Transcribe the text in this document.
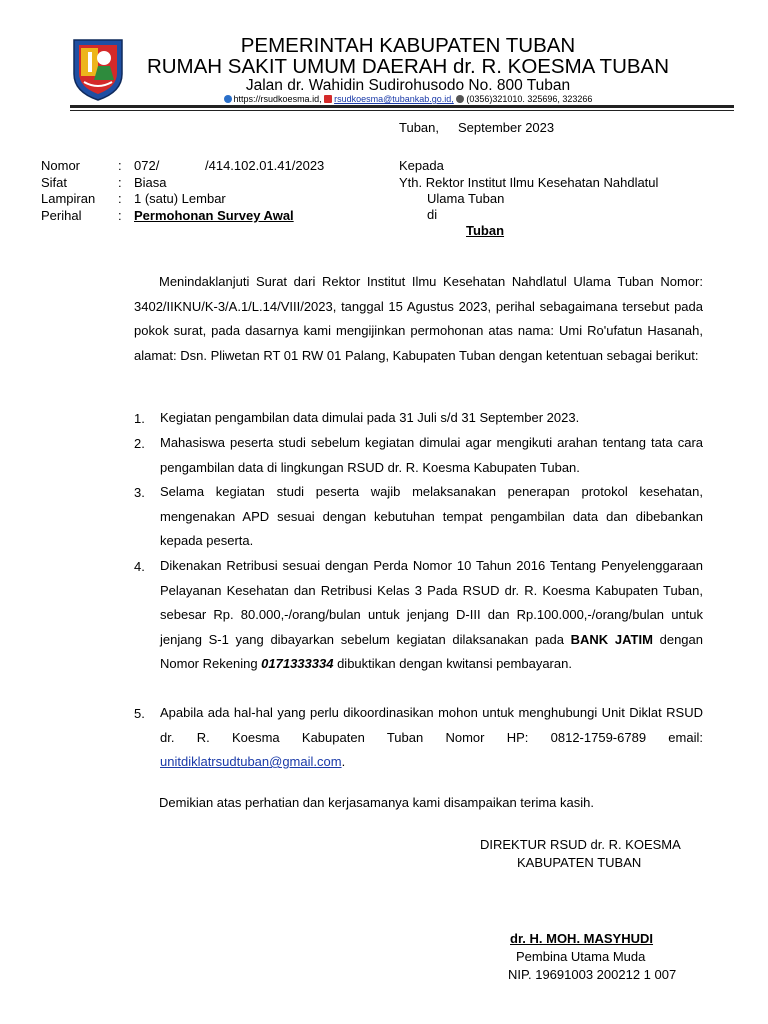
PEMERINTAH KABUPATEN TUBAN
RUMAH SAKIT UMUM DAERAH dr. R. KOESMA TUBAN
Jalan dr. Wahidin Sudirohusodo No. 800 Tuban
https://rsudkoesma.id, rsudkoesma@tubankab.go.id, (0356)321010. 325696, 323266
Tuban, September 2023
Nomor	: 072/	/414.102.01.41/2023
Sifat	: Biasa
Lampiran : 1 (satu) Lembar
Perihal	: Permohonan Survey Awal
Kepada
Yth. Rektor Institut Ilmu Kesehatan Nahdlatul
Ulama Tuban
di
Tuban

Menindaklanjuti Surat dari Rektor Institut Ilmu Kesehatan Nahdlatul Ulama Tuban Nomor: 3402/IIKNU/K-3/A.1/L.14/VIII/2023, tanggal 15 Agustus 2023, perihal sebagaimana tersebut pada pokok surat, pada dasarnya kami mengijinkan permohonan atas nama: Umi Ro'ufatun Hasanah, alamat: Dsn. Pliwetan RT 01 RW 01 Palang, Kabupaten Tuban dengan ketentuan sebagai berikut:

1. Kegiatan pengambilan data dimulai pada 31 Juli s/d 31 September 2023.
2. Mahasiswa peserta studi sebelum kegiatan dimulai agar mengikuti arahan tentang tata cara pengambilan data di lingkungan RSUD dr. R. Koesma Kabupaten Tuban.
3. Selama kegiatan studi peserta wajib melaksanakan penerapan protokol kesehatan, mengenakan APD sesuai dengan kebutuhan tempat pengambilan data dan dibebankan kepada peserta.
4. Dikenakan Retribusi sesuai dengan Perda Nomor 10 Tahun 2016 Tentang Penyelenggaraan Pelayanan Kesehatan dan Retribusi Kelas 3 Pada RSUD dr. R. Koesma Kabupaten Tuban, sebesar Rp. 80.000,-/orang/bulan untuk jenjang D-III dan Rp.100.000,-/orang/bulan untuk jenjang S-1 yang dibayarkan sebelum kegiatan dilaksanakan pada BANK JATIM dengan Nomor Rekening 0171333334 dibuktikan dengan kwitansi pembayaran.
5. Apabila ada hal-hal yang perlu dikoordinasikan mohon untuk menghubungi Unit Diklat RSUD dr. R. Koesma Kabupaten Tuban Nomor HP: 0812-1759-6789 email: unitdiklatrsudtuban@gmail.com.
Demikian atas perhatian dan kerjasamanya kami disampaikan terima kasih.
DIREKTUR RSUD dr. R. KOESMA
KABUPATEN TUBAN
dr. H. MOH. MASYHUDI
Pembina Utama Muda
NIP. 19691003 200212 1 007
